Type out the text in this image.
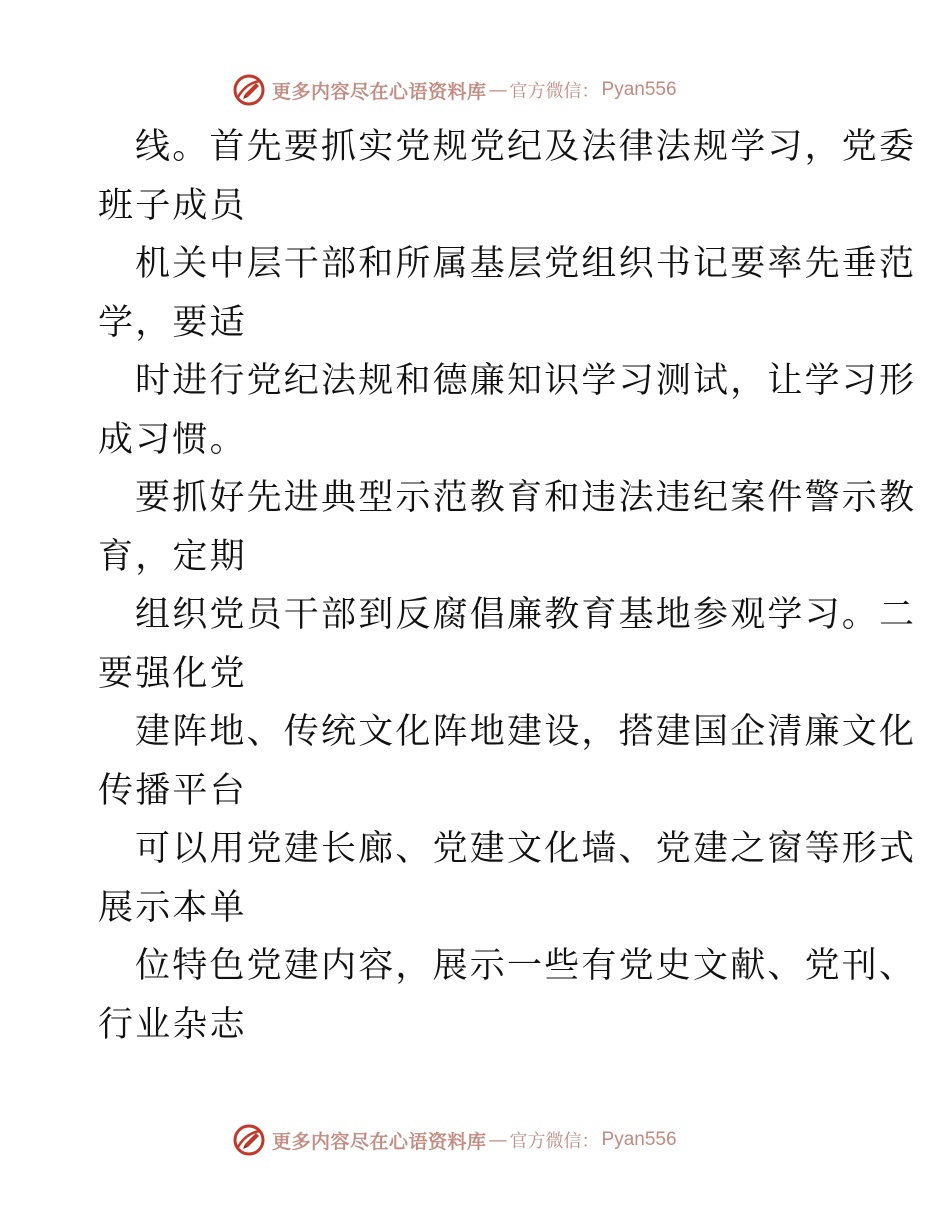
更多内容尽在心语资料库 — 官方微信： Pyan556
线。首先要抓实党规党纪及法律法规学习，党委
班子成员
机关中层干部和所属基层党组织书记要率先垂范
学，要适
时进行党纪法规和德廉知识学习测试，让学习形
成习惯。
要抓好先进典型示范教育和违法违纪案件警示教
育，定期
组织党员干部到反腐倡廉教育基地参观学习。二
要强化党
建阵地、传统文化阵地建设，搭建国企清廉文化
传播平台
可以用党建长廊、党建文化墙、党建之窗等形式
展示本单
位特色党建内容，展示一些有党史文献、党刊、
行业杂志
更多内容尽在心语资料库 — 官方微信： Pyan556
